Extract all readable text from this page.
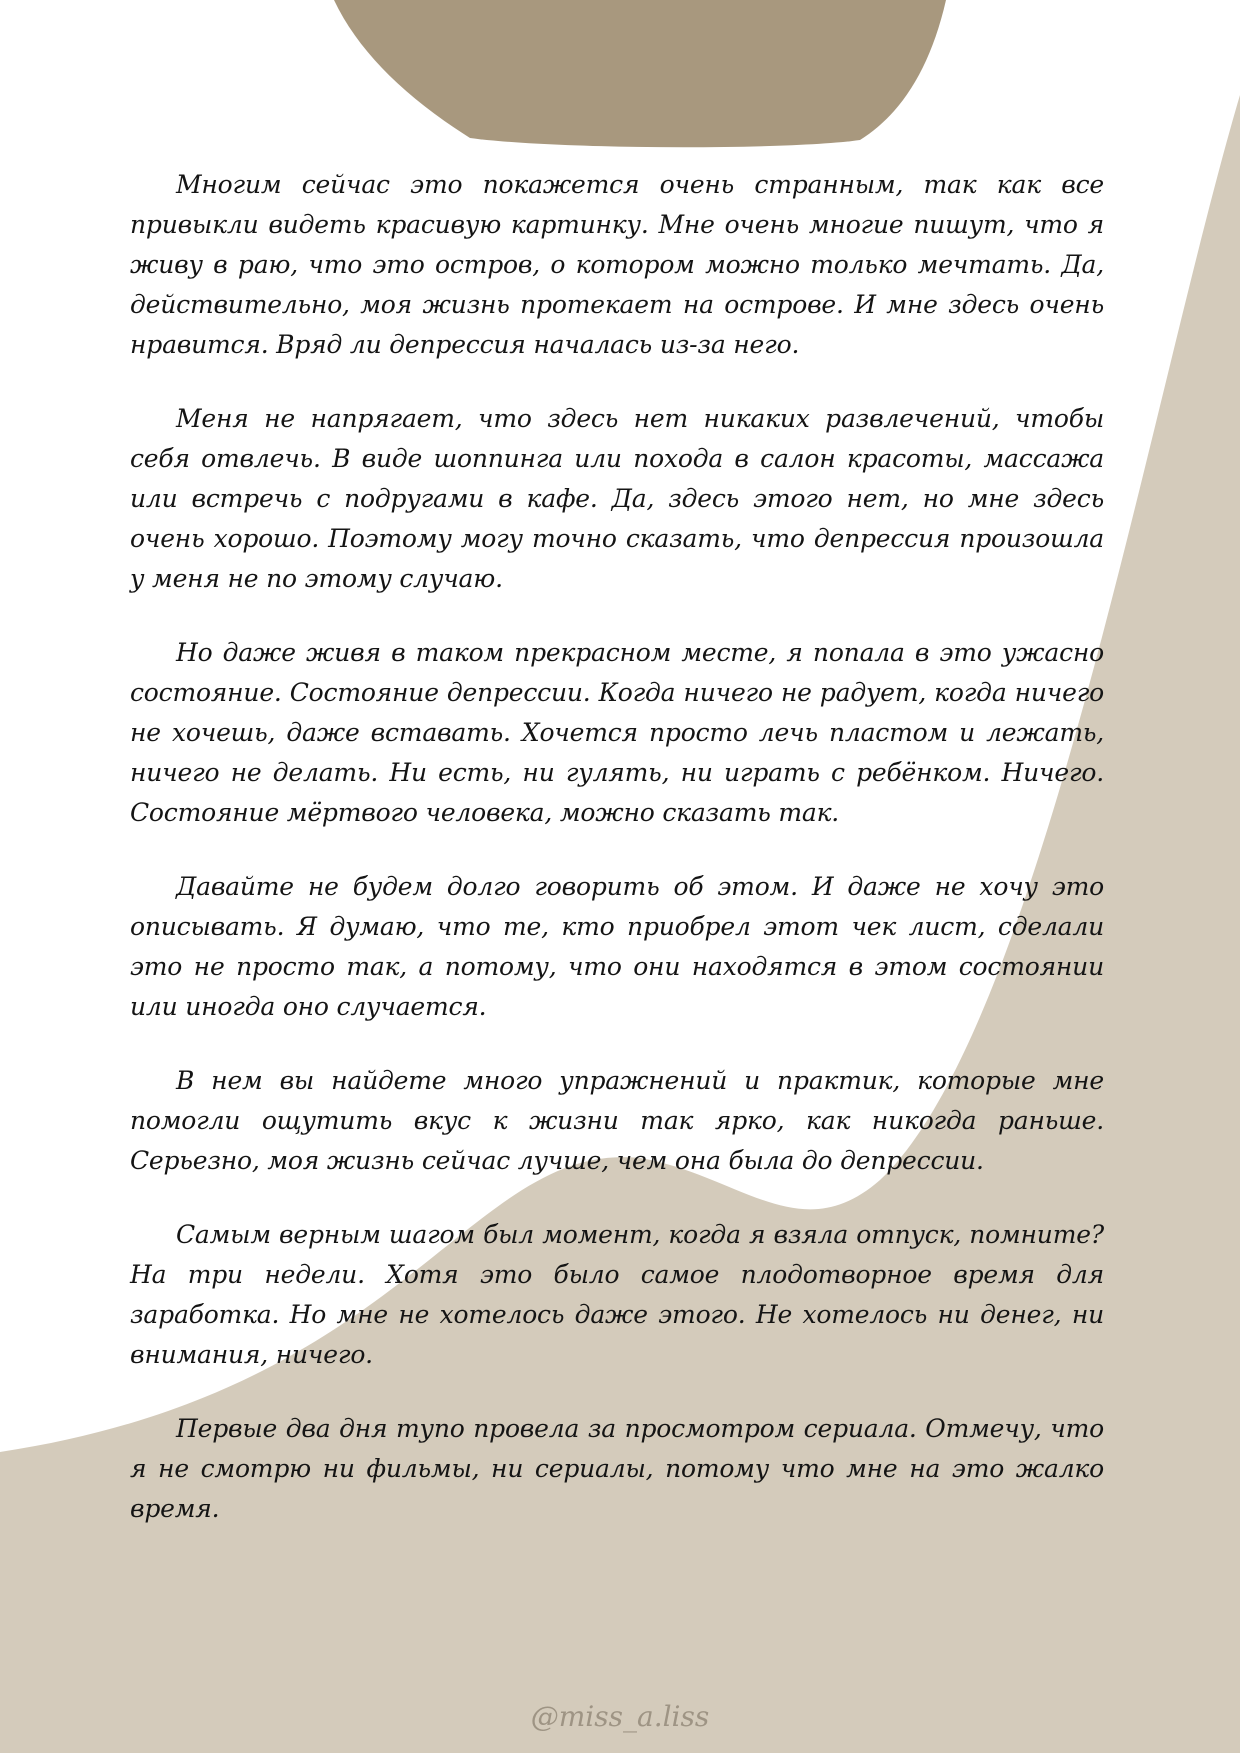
Многим сейчас это покажется очень странным, так как все привыкли видеть красивую картинку. Мне очень многие пишут, что я живу в раю, что это остров, о котором можно только мечтать. Да, действительно, моя жизнь протекает на острове. И мне здесь очень нравится. Вряд ли депрессия началась из-за него.

Меня не напрягает, что здесь нет никаких развлечений, чтобы себя отвлечь. В виде шоппинга или похода в салон красоты, массажа или встречь с подругами в кафе. Да, здесь этого нет, но мне здесь очень хорошо. Поэтому могу точно сказать, что депрессия произошла у меня не по этому случаю.

Но даже живя в таком прекрасном месте, я попала в это ужасно состояние. Состояние депрессии. Когда ничего не радует, когда ничего не хочешь, даже вставать. Хочется просто лечь пластом и лежать, ничего не делать. Ни есть, ни гулять, ни играть с ребёнком. Ничего. Состояние мёртвого человека, можно сказать так.

Давайте не будем долго говорить об этом. И даже не хочу это описывать. Я думаю, что те, кто приобрел этот чек лист, сделали это не просто так, а потому, что они находятся в этом состоянии или иногда оно случается.

В нем вы найдете много упражнений и практик, которые мне помогли ощутить вкус к жизни так ярко, как никогда раньше. Серьезно, моя жизнь сейчас лучше, чем она была до депрессии.

Самым верным шагом был момент, когда я взяла отпуск, помните? На три недели. Хотя это было самое плодотворное время для заработка. Но мне не хотелось даже этого. Не хотелось ни денег, ни внимания, ничего.

Первые два дня тупо провела за просмотром сериала. Отмечу, что я не смотрю ни фильмы, ни сериалы, потому что мне на это жалко время.

@miss_a.liss
